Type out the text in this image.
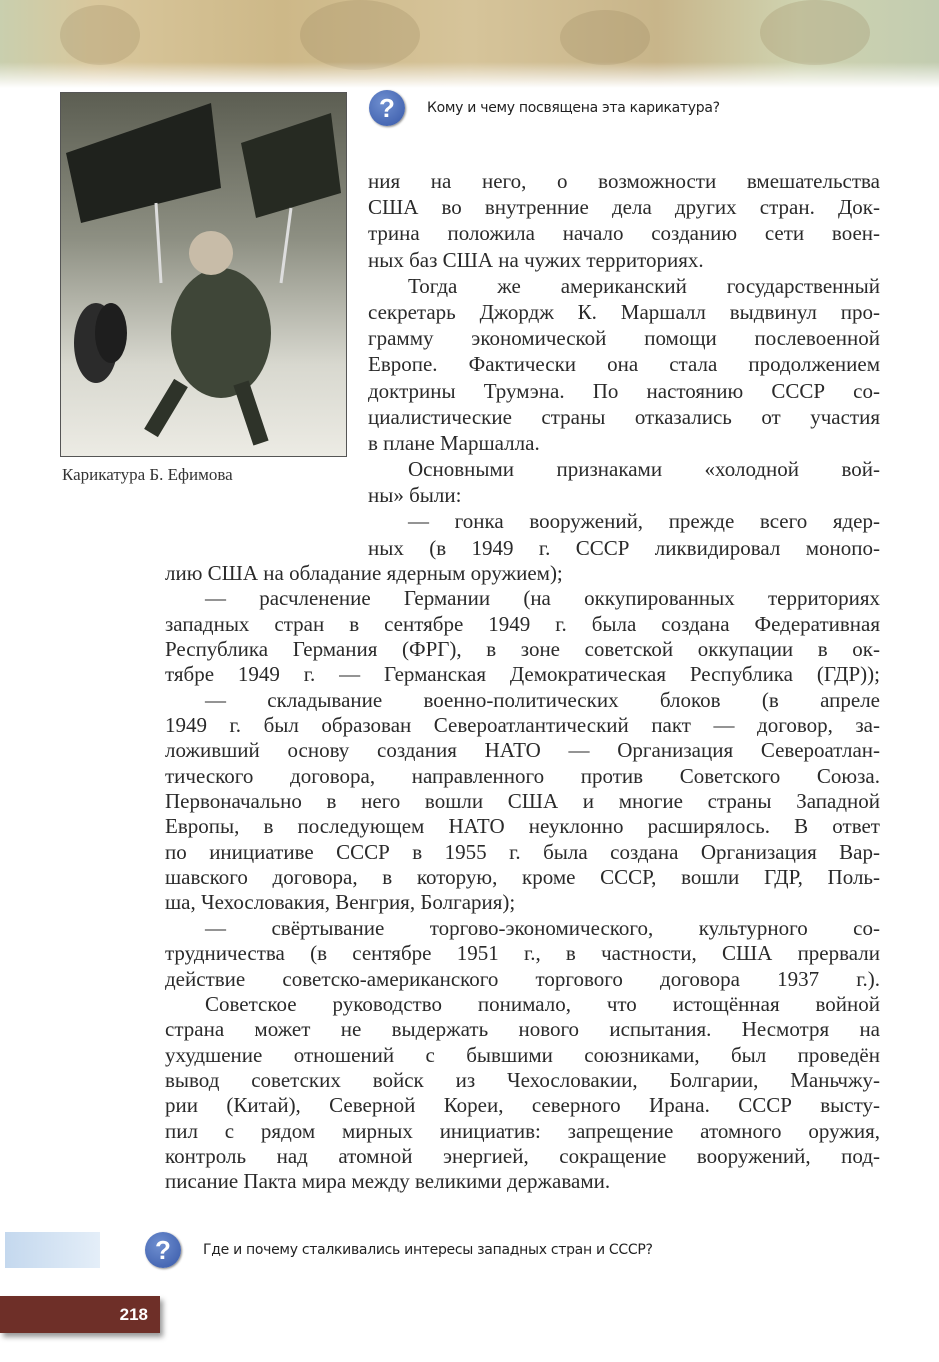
Карикатура Б. Ефимова
?	Кому и чему посвящена эта карикатура?
ния на него, о возможности вмешательства
США во внутренние дела других стран. Док-
трина положила начало созданию сети воен-
ных баз США на чужих территориях.
Тогда же американский государственный
секретарь Джордж К. Маршалл выдвинул про-
грамму экономической помощи послевоенной
Европе. Фактически она стала продолжением
доктрины Трумэна. По настоянию СССР со-
циалистические страны отказались от участия
в плане Маршалла.
Основными признаками «холодной вой-
ны» были:
— гонка вооружений, прежде всего ядер-
ных (в 1949 г. СССР ликвидировал монопо-
лию США на обладание ядерным оружием);
— расчленение Германии (на оккупированных территориях
западных стран в сентябре 1949 г. была создана Федеративная
Республика Германия (ФРГ), в зоне советской оккупации в ок-
тябре 1949 г. — Германская Демократическая Республика (ГДР));
— складывание военно-политических блоков (в апреле
1949 г. был образован Североатлантический пакт — договор, за-
ложивший основу создания НАТО — Организация Североатлан-
тического договора, направленного против Советского Союза.
Первоначально в него вошли США и многие страны Западной
Европы, в последующем НАТО неуклонно расширялось. В ответ
по инициативе СССР в 1955 г. была создана Организация Вар-
шавского договора, в которую, кроме СССР, вошли ГДР, Поль-
ша, Чехословакия, Венгрия, Болгария);
— свёртывание торгово-экономического, культурного со-
трудничества (в сентябре 1951 г., в частности, США прервали
действие советско-американского торгового договора 1937 г.).
Советское руководство понимало, что истощённая войной
страна может не выдержать нового испытания. Несмотря на
ухудшение отношений с бывшими союзниками, был проведён
вывод советских войск из Чехословакии, Болгарии, Маньчжу-
рии (Китай), Северной Кореи, северного Ирана. СССР высту-
пил с рядом мирных инициатив: запрещение атомного оружия,
контроль над атомной энергией, сокращение вооружений, под-
писание Пакта мира между великими державами.
?	Где и почему сталкивались интересы западных стран и СССР?
218
